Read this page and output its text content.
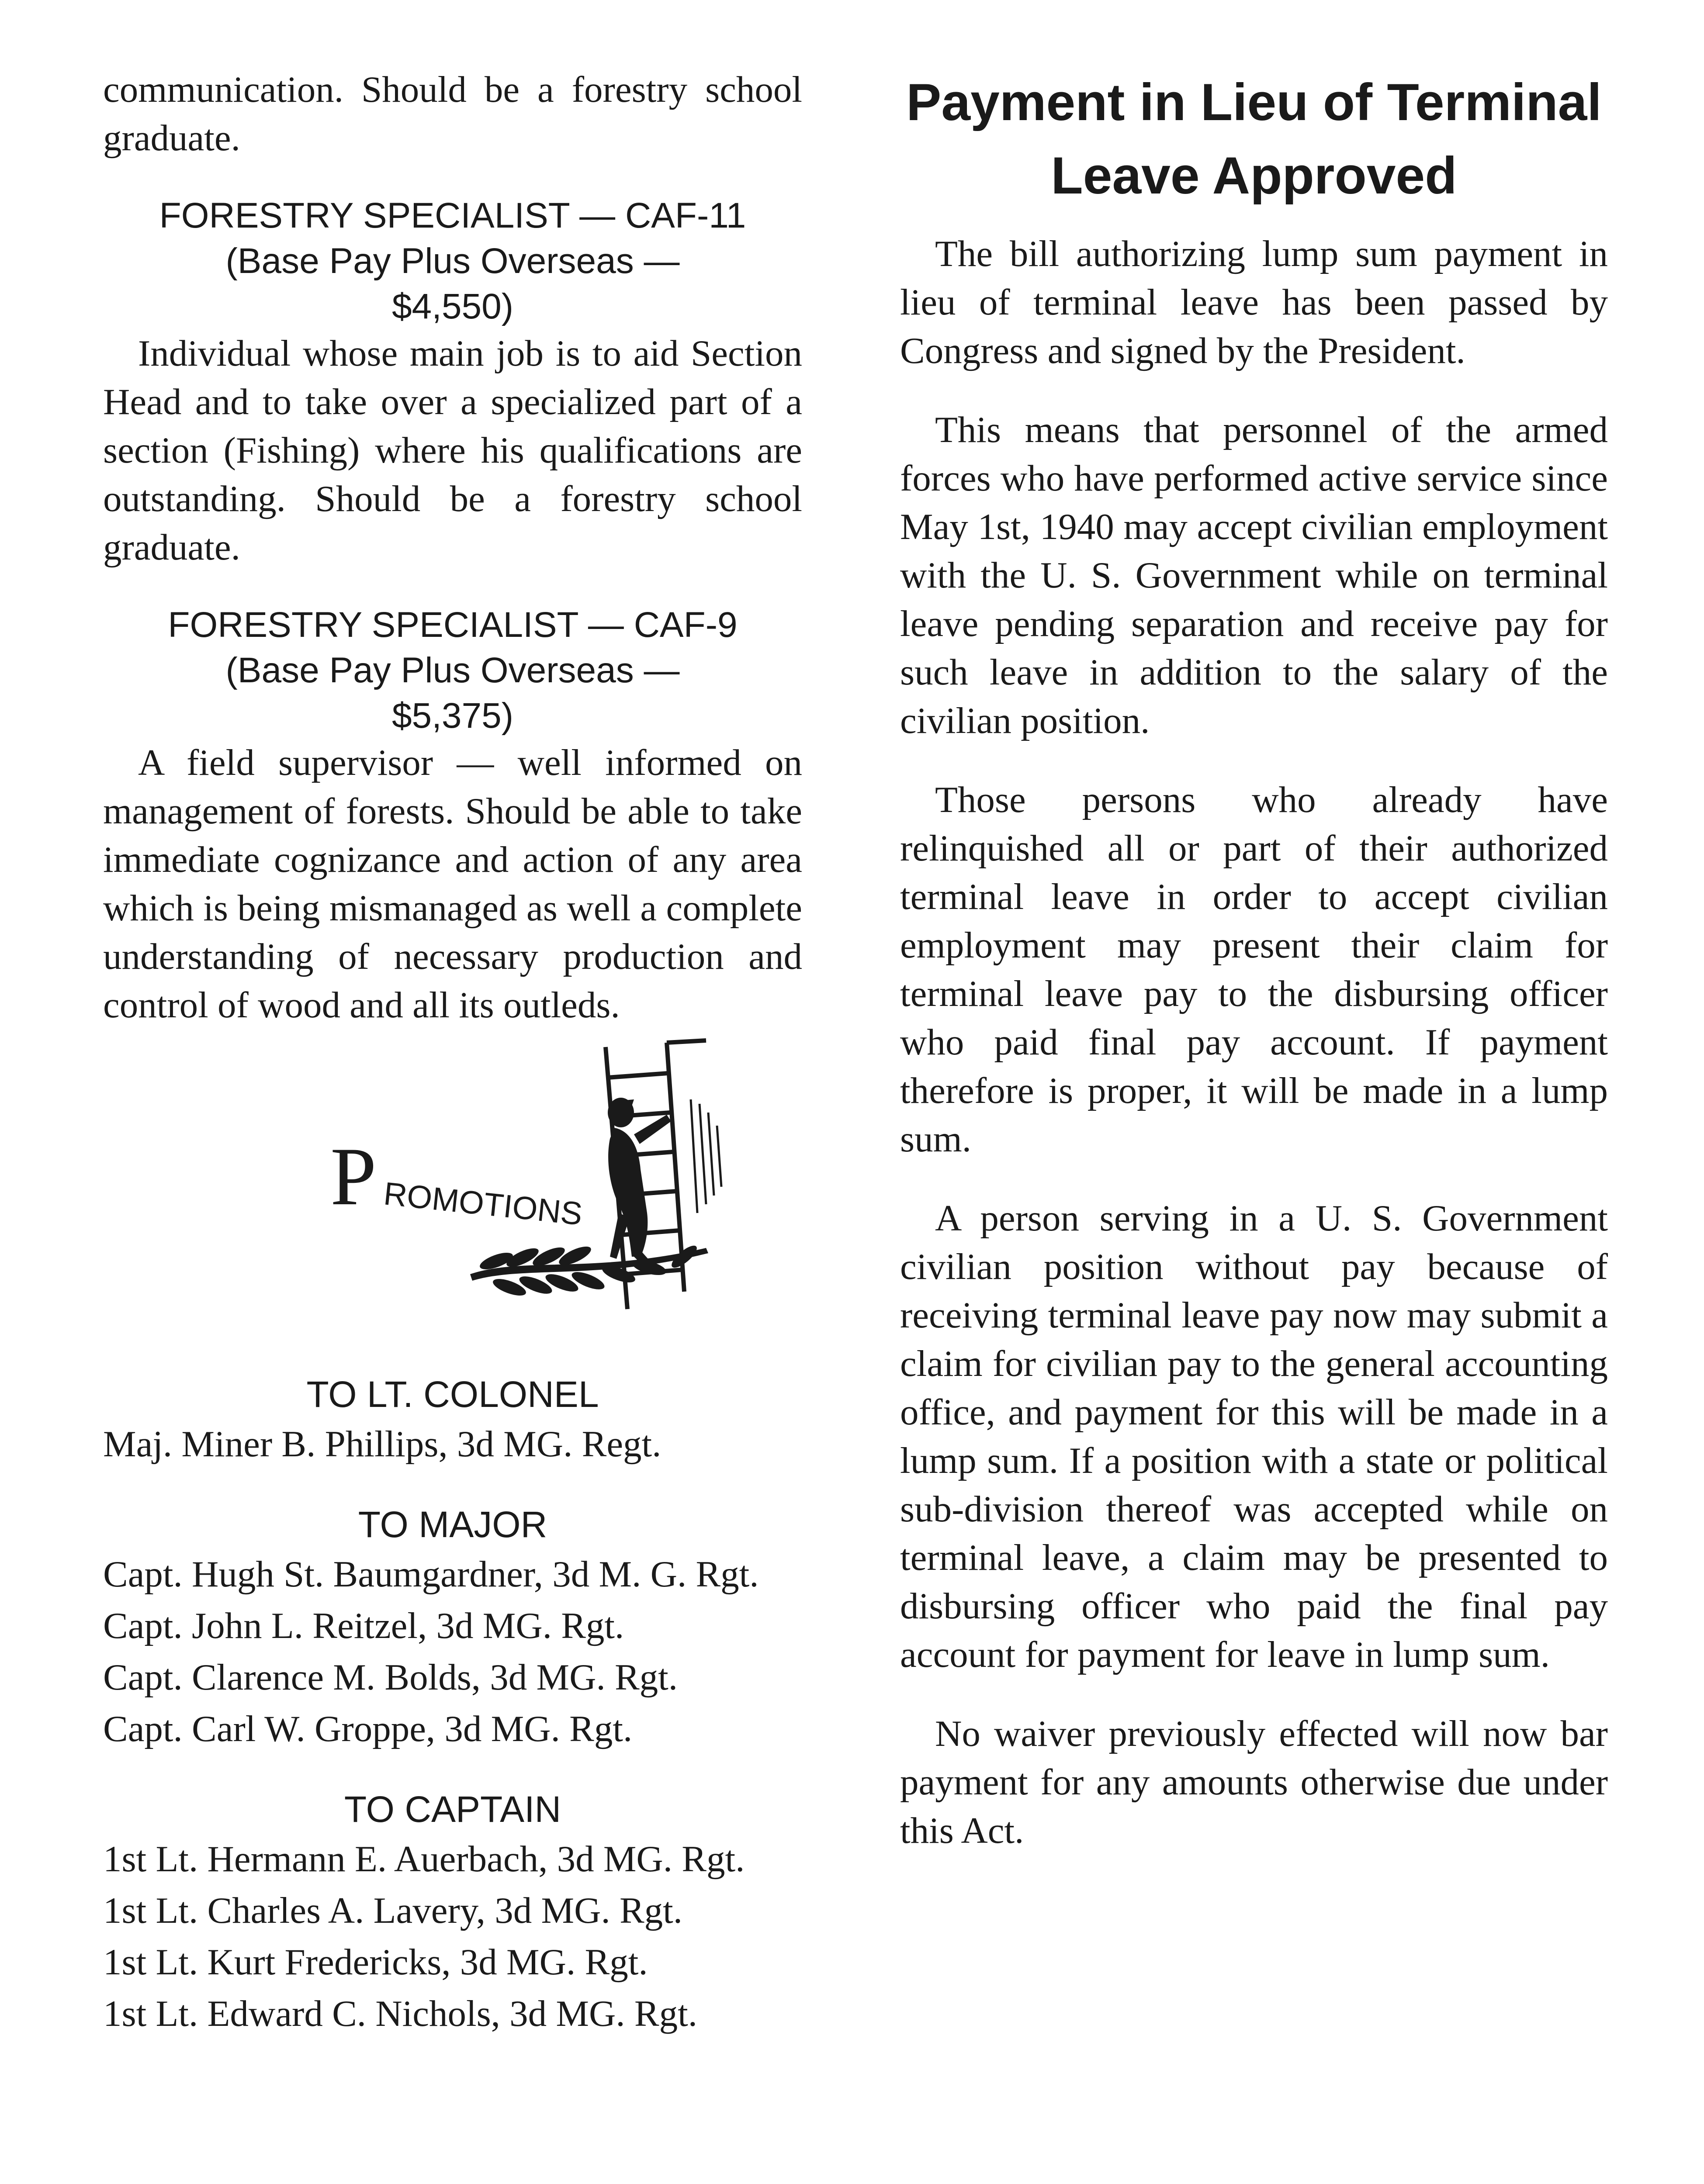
communication. Should be a forestry school graduate.

FORESTRY SPECIALIST — CAF-11

(Base Pay Plus Overseas —

$4,550)

Individual whose main job is to aid Section Head and to take over a specialized part of a section (Fishing) where his qualifications are outstanding. Should be a forestry school graduate.

FORESTRY SPECIALIST — CAF-9

(Base Pay Plus Overseas —

$5,375)

A field supervisor — well informed on management of forests. Should be able to take immediate cognizance and action of any area which is being mismanaged as well a complete understanding of necessary production and control of wood and all its outleds.

P ROMOTIONS

TO LT. COLONEL

Maj. Miner B. Phillips, 3d MG. Regt.

TO MAJOR

Capt. Hugh St. Baumgardner, 3d M. G. Rgt.

Capt. John L. Reitzel, 3d MG. Rgt.

Capt. Clarence M. Bolds, 3d MG. Rgt.

Capt. Carl W. Groppe, 3d MG. Rgt.

TO CAPTAIN

1st Lt. Hermann E. Auerbach, 3d MG. Rgt.

1st Lt. Charles A. Lavery, 3d MG. Rgt.

1st Lt. Kurt Fredericks, 3d MG. Rgt.

1st Lt. Edward C. Nichols, 3d MG. Rgt.

Payment in Lieu of Terminal

Leave Approved

The bill authorizing lump sum payment in lieu of terminal leave has been passed by Congress and signed by the President.

This means that personnel of the armed forces who have performed active service since May 1st, 1940 may accept civilian employment with the U. S. Government while on terminal leave pending separation and receive pay for such leave in addition to the salary of the civilian position.

Those persons who already have relinquished all or part of their authorized terminal leave in order to accept civilian employment may present their claim for terminal leave pay to the disbursing officer who paid final pay account. If payment therefore is proper, it will be made in a lump sum.

A person serving in a U. S. Government civilian position without pay because of receiving terminal leave pay now may submit a claim for civilian pay to the general accounting office, and payment for this will be made in a lump sum. If a position with a state or political sub-division thereof was accepted while on terminal leave, a claim may be presented to disbursing officer who paid the final pay account for payment for leave in lump sum.

No waiver previously effected will now bar payment for any amounts otherwise due under this Act.
